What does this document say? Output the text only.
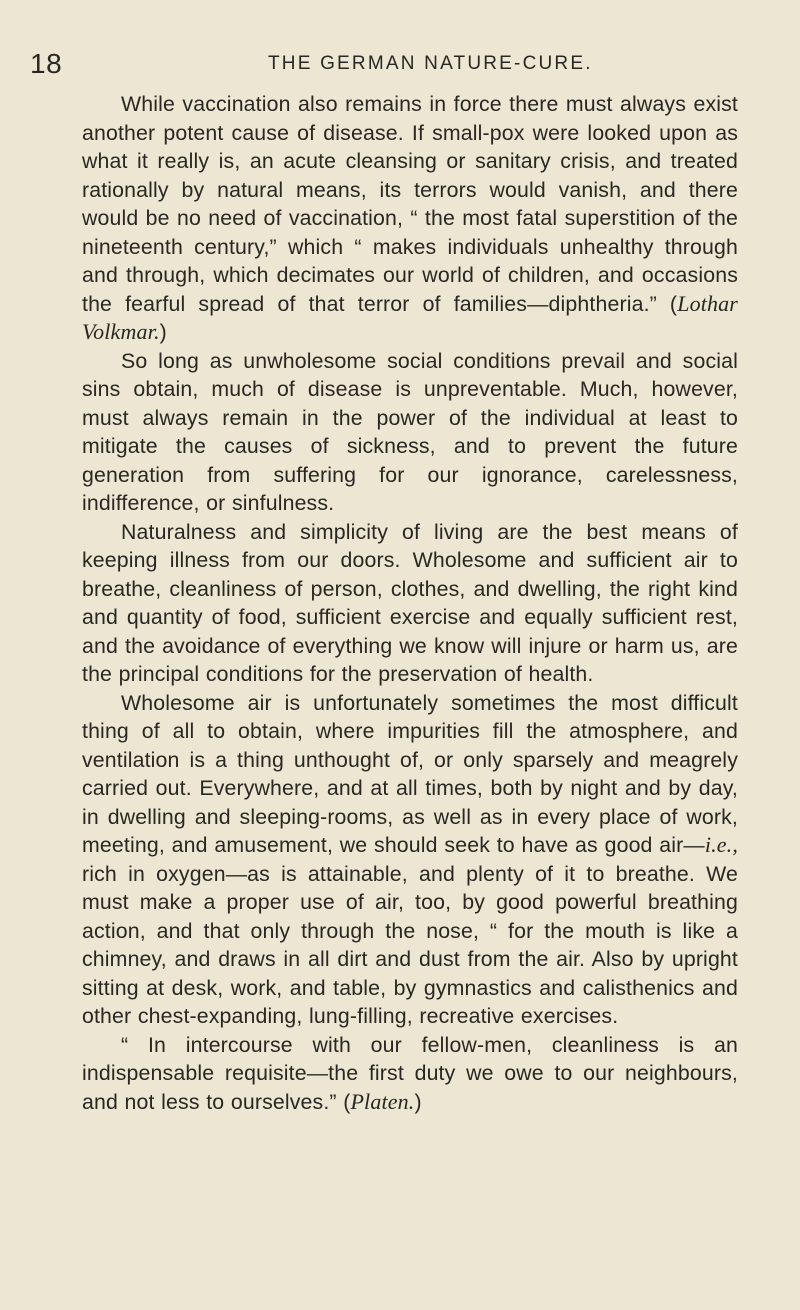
18	THE GERMAN NATURE-CURE.

While vaccination also remains in force there must always exist another potent cause of disease. If small-pox were looked upon as what it really is, an acute cleansing or sanitary crisis, and treated rationally by natural means, its terrors would vanish, and there would be no need of vaccination, “ the most fatal superstition of the nineteenth century,” which “ makes individuals unhealthy through and through, which decimates our world of children, and occasions the fearful spread of that terror of families—diphtheria.” (Lothar Volkmar.)

So long as unwholesome social conditions prevail and social sins obtain, much of disease is unpreventable. Much, however, must always remain in the power of the individual at least to mitigate the causes of sickness, and to prevent the future generation from suffering for our ignorance, carelessness, indifference, or sinfulness.

Naturalness and simplicity of living are the best means of keeping illness from our doors. Wholesome and sufficient air to breathe, cleanliness of person, clothes, and dwelling, the right kind and quantity of food, sufficient exercise and equally sufficient rest, and the avoidance of everything we know will injure or harm us, are the principal conditions for the preservation of health.

Wholesome air is unfortunately sometimes the most difficult thing of all to obtain, where impurities fill the atmosphere, and ventilation is a thing unthought of, or only sparsely and meagrely carried out. Everywhere, and at all times, both by night and by day, in dwelling and sleeping-rooms, as well as in every place of work, meeting, and amusement, we should seek to have as good air—i.e., rich in oxygen—as is attainable, and plenty of it to breathe. We must make a proper use of air, too, by good powerful breathing action, and that only through the nose, “ for the mouth is like a chimney, and draws in all dirt and dust from the air. Also by upright sitting at desk, work, and table, by gymnastics and calisthenics and other chest-expanding, lung-filling, recreative exercises.

“ In intercourse with our fellow-men, cleanliness is an indispensable requisite—the first duty we owe to our neighbours, and not less to ourselves.” (Platen.)
